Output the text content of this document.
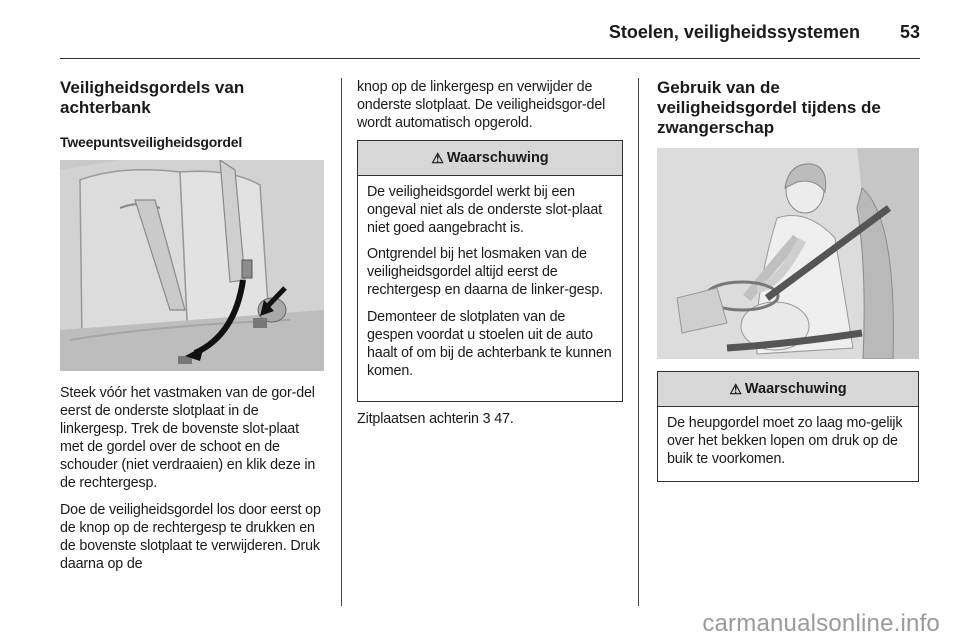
Stoelen, veiligheidssystemen	53
Veiligheidsgordels van achterbank
Tweepuntsveiligheidsgordel

Steek vóór het vastmaken van de gor-del eerst de onderste slotplaat in de linkergesp. Trek de bovenste slot-plaat met de gordel over de schoot en de schouder (niet verdraaien) en klik deze in de rechtergesp.

Doe de veiligheidsgordel los door eerst op de knop op de rechtergesp te drukken en de bovenste slotplaat te verwijderen. Druk daarna op de

knop op de linkergesp en verwijder de onderste slotplaat. De veiligheidsgor-del wordt automatisch opgerold.

⚠ Waarschuwing

De veiligheidsgordel werkt bij een ongeval niet als de onderste slot-plaat niet goed aangebracht is.

Ontgrendel bij het losmaken van de veiligheidsgordel altijd eerst de rechtergesp en daarna de linker-gesp.

Demonteer de slotplaten van de gespen voordat u stoelen uit de auto haalt of om bij de achterbank te kunnen komen.

Zitplaatsen achterin 3 47.

Gebruik van de veiligheidsgordel tijdens de zwangerschap
⚠ Waarschuwing

De heupgordel moet zo laag mo-gelijk over het bekken lopen om druk op de buik te voorkomen.

carmanualsonline.info
